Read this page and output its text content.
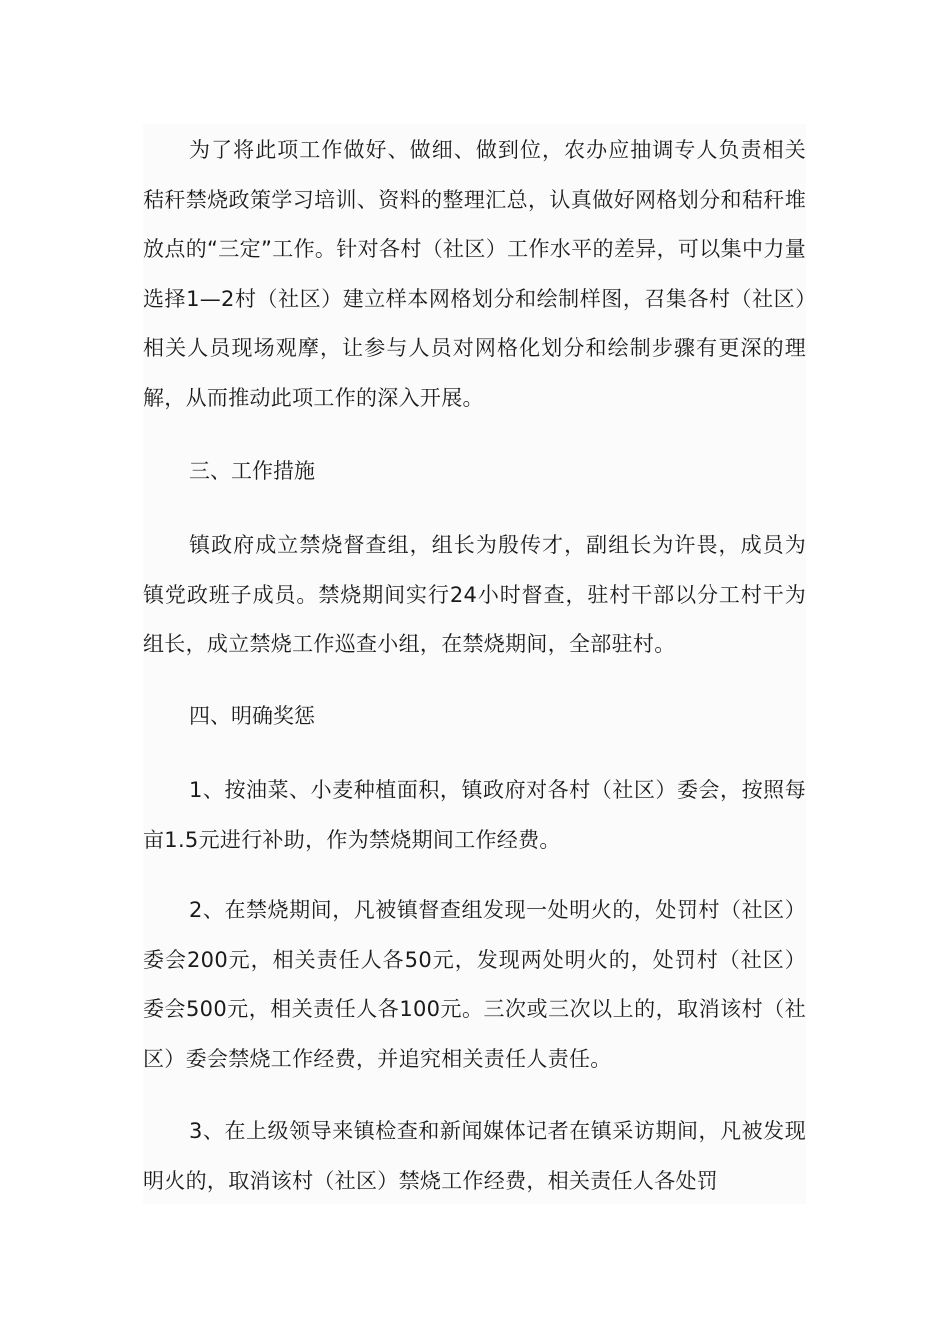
为了将此项工作做好、做细、做到位，农办应抽调专人负责相关秸秆禁烧政策学习培训、资料的整理汇总，认真做好网格划分和秸秆堆放点的“三定”工作。针对各村（社区）工作水平的差异，可以集中力量选择1—2村（社区）建立样本网格划分和绘制样图，召集各村（社区）相关人员现场观摩，让参与人员对网格化划分和绘制步骤有更深的理解，从而推动此项工作的深入开展。

三、工作措施

镇政府成立禁烧督查组，组长为殷传才，副组长为许畏，成员为镇党政班子成员。禁烧期间实行24小时督查，驻村干部以分工村干为组长，成立禁烧工作巡查小组，在禁烧期间，全部驻村。

四、明确奖惩

1、按油菜、小麦种植面积，镇政府对各村（社区）委会，按照每亩1.5元进行补助，作为禁烧期间工作经费。

2、在禁烧期间，凡被镇督查组发现一处明火的，处罚村（社区）委会200元，相关责任人各50元，发现两处明火的，处罚村（社区）委会500元，相关责任人各100元。三次或三次以上的，取消该村（社区）委会禁烧工作经费，并追究相关责任人责任。

3、在上级领导来镇检查和新闻媒体记者在镇采访期间，凡被发现明火的，取消该村（社区）禁烧工作经费，相关责任人各处罚
